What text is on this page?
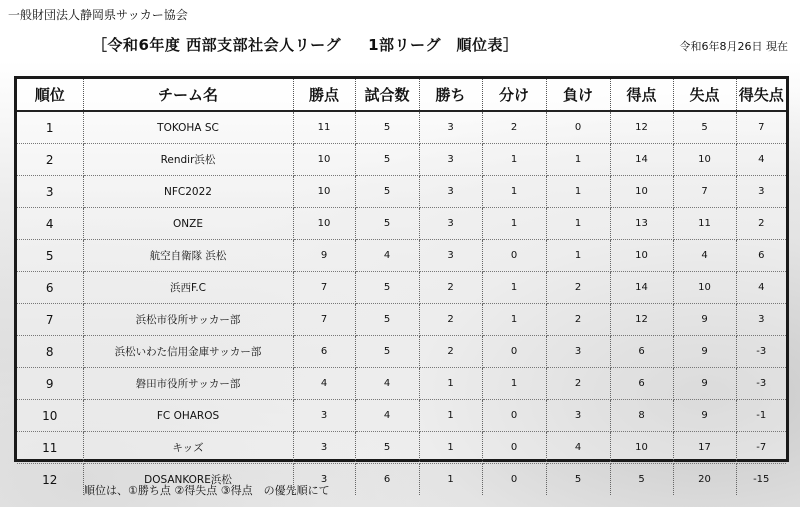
一般財団法人静岡県サッカー協会
［令和6年度 西部支部社会人リーグ　  1部リーグ　順位表］	令和6年8月26日 現在
順位	チーム名	勝点	試合数	勝ち	分け	負け	得点	失点	得失点
1	TOKOHA SC	11	5	3	2	0	12	5	7
2	Rendir浜松	10	5	3	1	1	14	10	4
3	NFC2022	10	5	3	1	1	10	7	3
4	ONZE	10	5	3	1	1	13	11	2
5	航空自衛隊 浜松	9	4	3	0	1	10	4	6
6	浜西F.C	7	5	2	1	2	14	10	4
7	浜松市役所サッカー部	7	5	2	1	2	12	9	3
8	浜松いわた信用金庫サッカー部	6	5	2	0	3	6	9	-3
9	磐田市役所サッカー部	4	4	1	1	2	6	9	-3
10	FC OHAROS	3	4	1	0	3	8	9	-1
11	キッズ	3	5	1	0	4	10	17	-7
12	DOSANKORE浜松	3	6	1	0	5	5	20	-15
順位は、①勝ち点 ②得失点 ③得点　の優先順にて
